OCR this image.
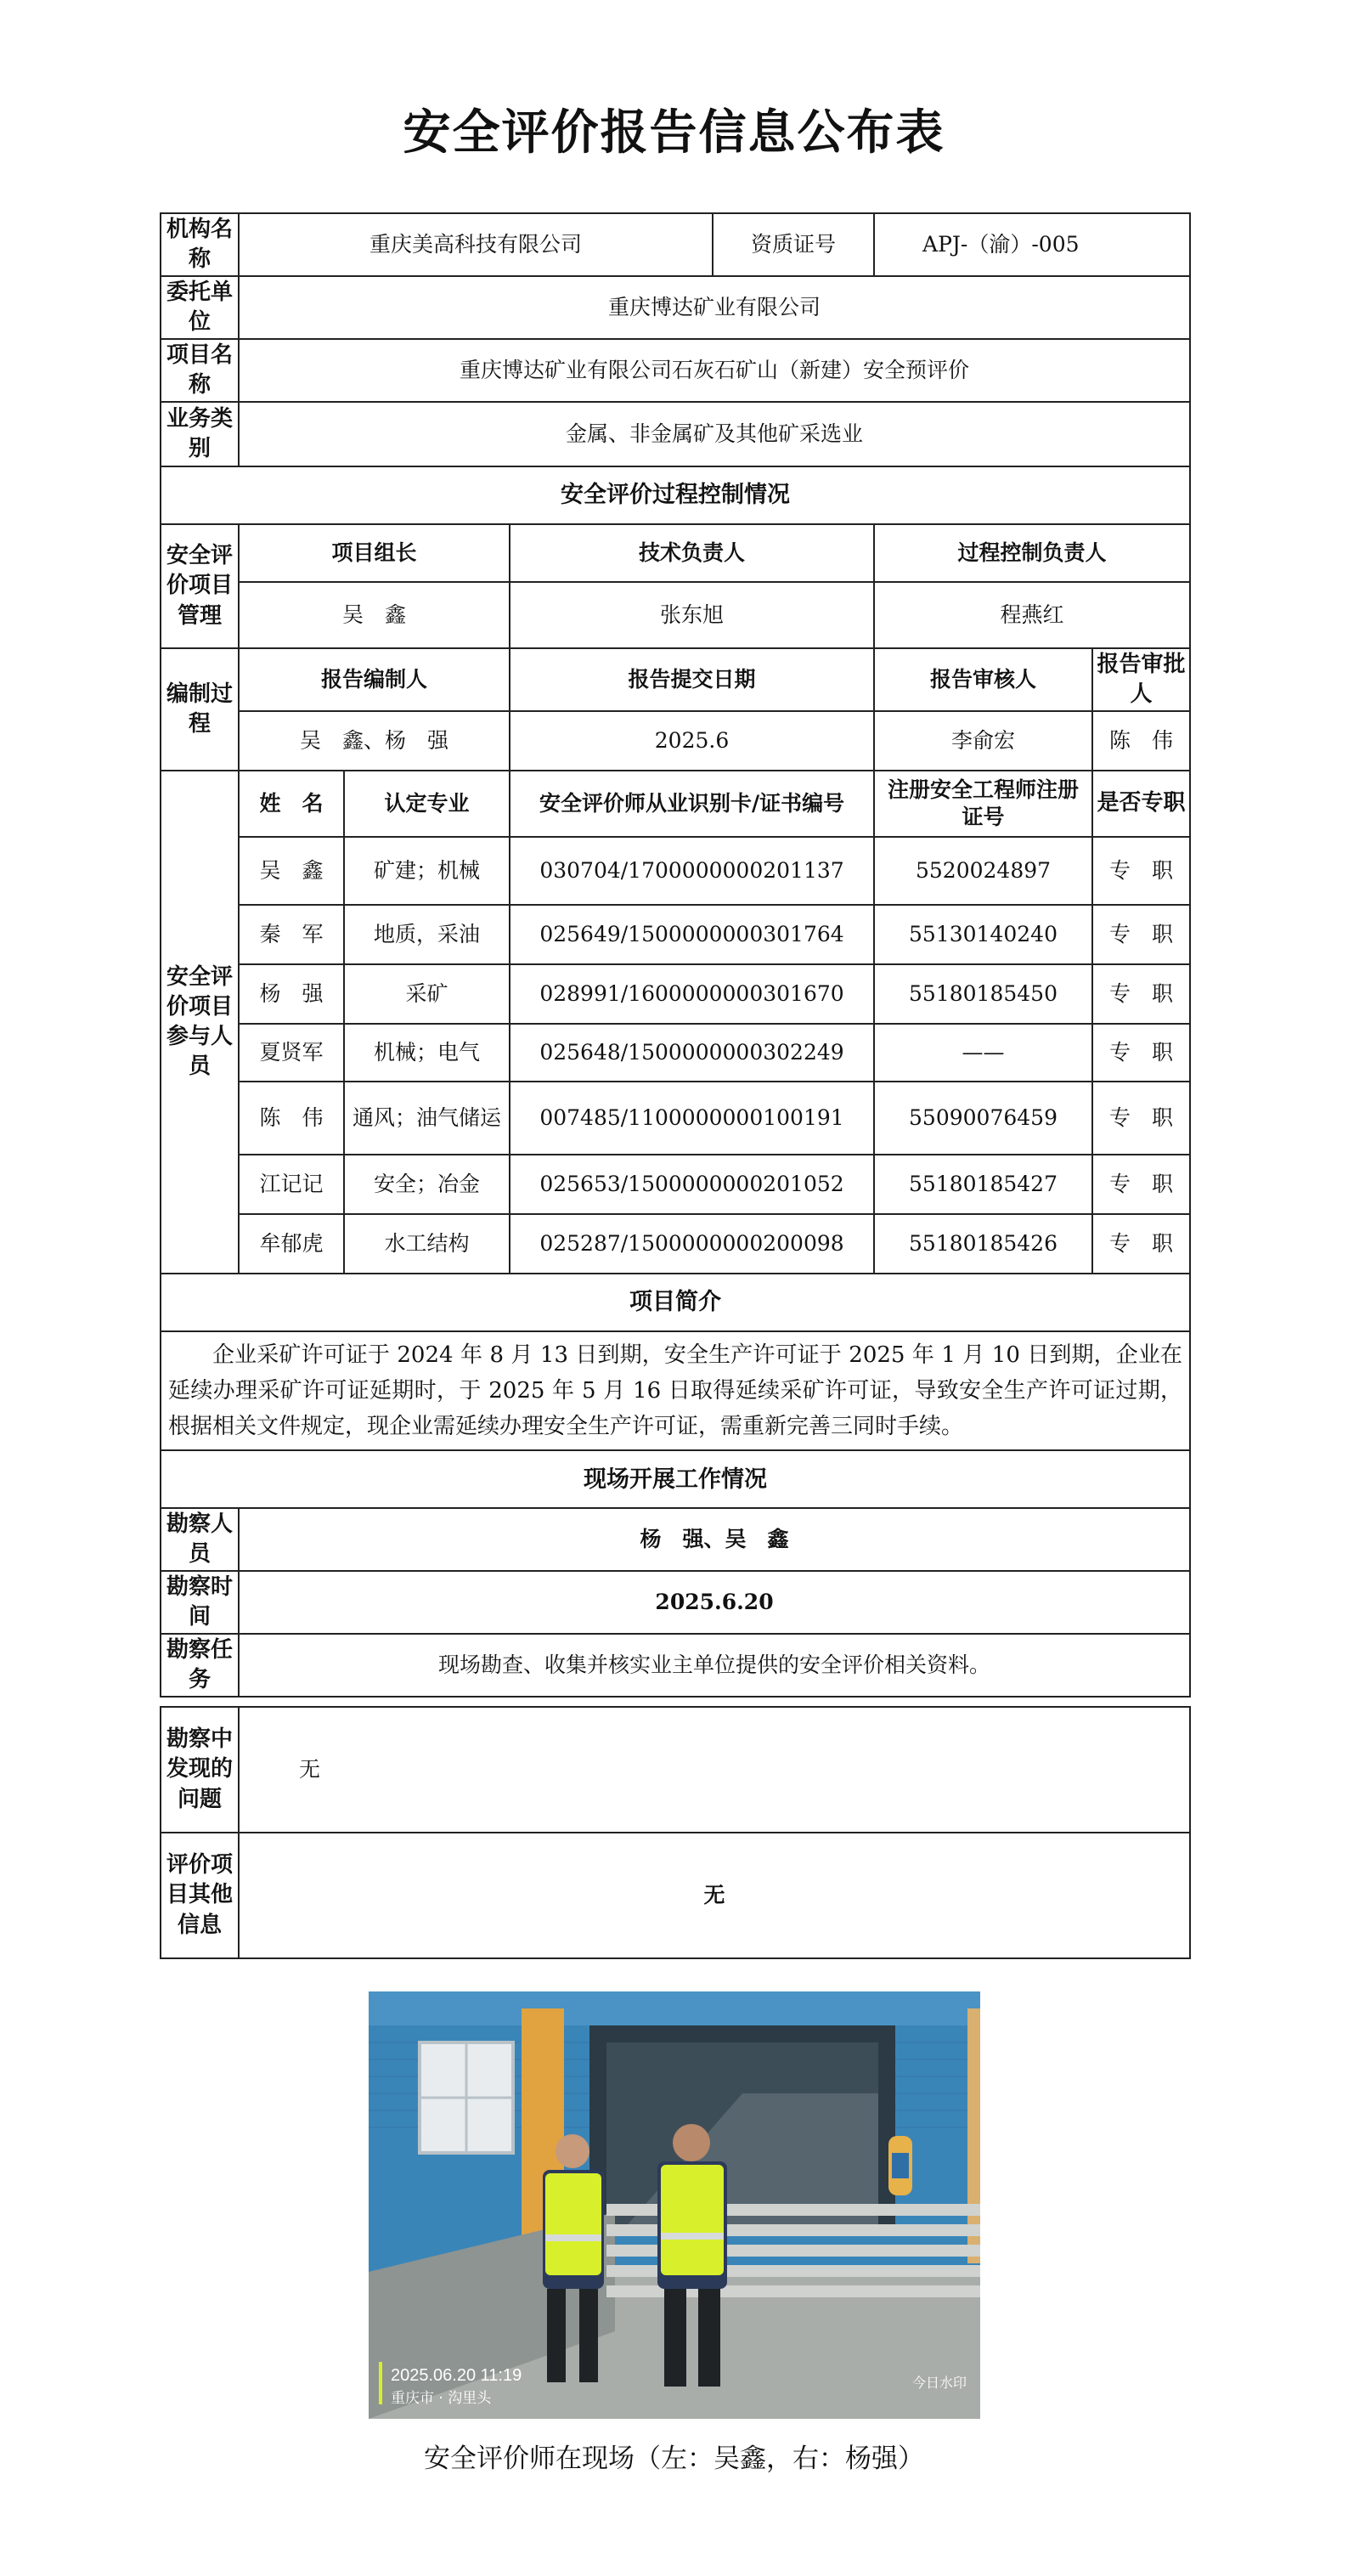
安全评价报告信息公布表
机构名称	重庆美高科技有限公司			资质证号	APJ-（渝）-005	
委托单位	重庆博达矿业有限公司					
项目名称	重庆博达矿业有限公司石灰石矿山（新建）安全预评价					
业务类别	金属、非金属矿及其他矿采选业					
安全评价过程控制情况						
安全评价项目管理	项目组长		技术负责人		过程控制负责人	
	吴　鑫		张东旭		程燕红	
编制过程	报告编制人		报告提交日期		报告审核人	报告审批人
	吴　鑫、杨　强		2025.6		李俞宏	陈　伟
安全评价项目参与人员	姓　名	认定专业	安全评价师从业识别卡/证书编号		注册安全工程师注册证号	是否专职
	吴　鑫	矿建；机械	030704/1700000000201137		5520024897	专　职
	秦　军	地质，采油	025649/1500000000301764		55130140240	专　职
	杨　强	采矿	028991/1600000000301670		55180185450	专　职
	夏贤军	机械；电气	025648/1500000000302249		——	专　职
	陈　伟	通风；油气储运	007485/1100000000100191		55090076459	专　职
	江记记	安全；冶金	025653/1500000000201052		55180185427	专　职
	牟郁虎	水工结构	025287/1500000000200098		55180185426	专　职
项目简介						
企业采矿许可证于 2024 年 8 月 13 日到期，安全生产许可证于 2025 年 1 月 10 日到期，企业在延续办理采矿许可证延期时，于 2025 年 5 月 16 日取得延续采矿许可证，导致安全生产许可证过期，根据相关文件规定，现企业需延续办理安全生产许可证，需重新完善三同时手续。						
现场开展工作情况						
勘察人员	杨　强、吴　鑫					
勘察时间	2025.6.20					
勘察任务	现场勘查、收集并核实业主单位提供的安全评价相关资料。					
勘察中发现的问题	无
评价项目其他信息	无
2025.06.20 11:19
重庆市 · 沟里头
今日水印
安全评价师在现场（左：吴鑫，右：杨强）
